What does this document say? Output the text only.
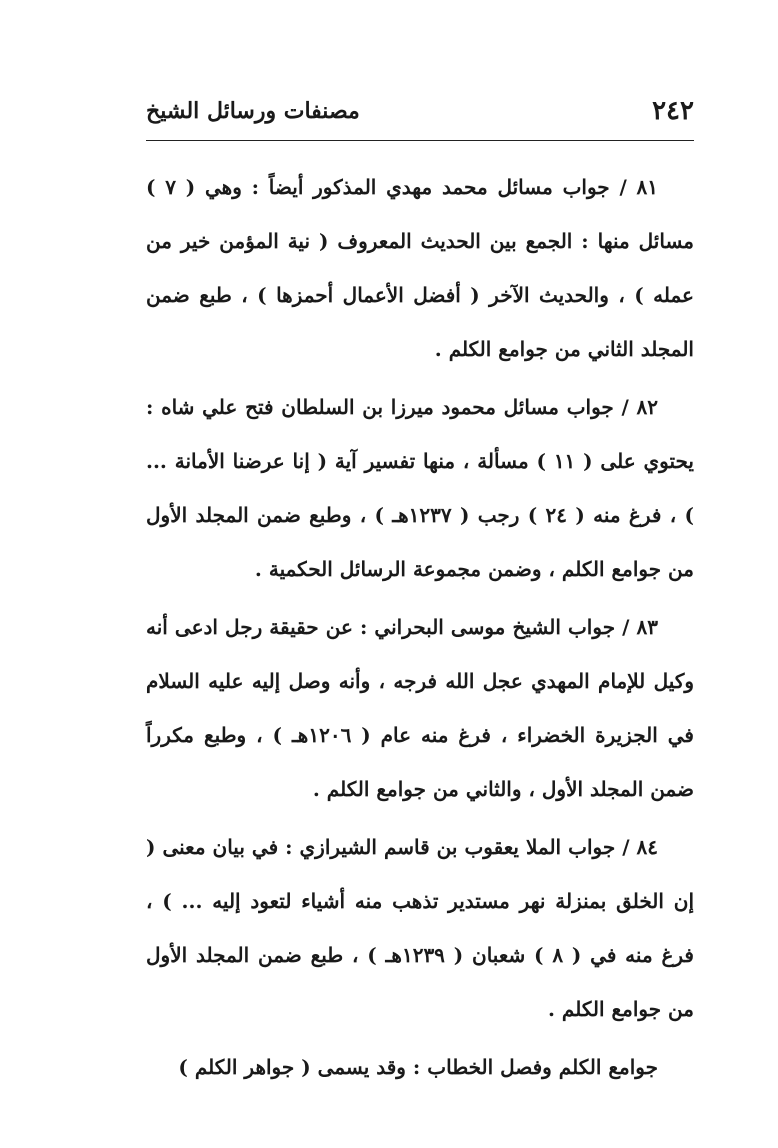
٢٤٢
مصنفات ورسائل الشيخ

٨١ / جواب مسائل محمد مهدي المذكور أيضاً : وهي ( ٧ ) مسائل منها : الجمع بين الحديث المعروف ( نية المؤمن خير من عمله ) ، والحديث الآخر ( أفضل الأعمال أحمزها ) ، طبع ضمن المجلد الثاني من جوامع الكلم .

٨٢ / جواب مسائل محمود ميرزا بن السلطان فتح علي شاه : يحتوي على ( ١١ ) مسألة ، منها تفسير آية ( إنا عرضنا الأمانة ... ) ، فرغ منه ( ٢٤ ) رجب ( ١٢٣٧هـ ) ، وطبع ضمن المجلد الأول من جوامع الكلم ، وضمن مجموعة الرسائل الحكمية .

٨٣ / جواب الشيخ موسى البحراني : عن حقيقة رجل ادعى أنه وكيل للإمام المهدي عجل الله فرجه ، وأنه وصل إليه عليه السلام في الجزيرة الخضراء ، فرغ منه عام ( ١٢٠٦هـ ) ، وطبع مكرراً ضمن المجلد الأول ، والثاني من جوامع الكلم .

٨٤ / جواب الملا يعقوب بن قاسم الشيرازي : في بيان معنى ( إن الخلق بمنزلة نهر مستدير تذهب منه أشياء لتعود إليه ... ) ، فرغ منه في ( ٨ ) شعبان ( ١٢٣٩هـ ) ، طبع ضمن المجلد الأول من جوامع الكلم .

جوامع الكلم وفصل الخطاب : وقد يسمى ( جواهر الكلم )
